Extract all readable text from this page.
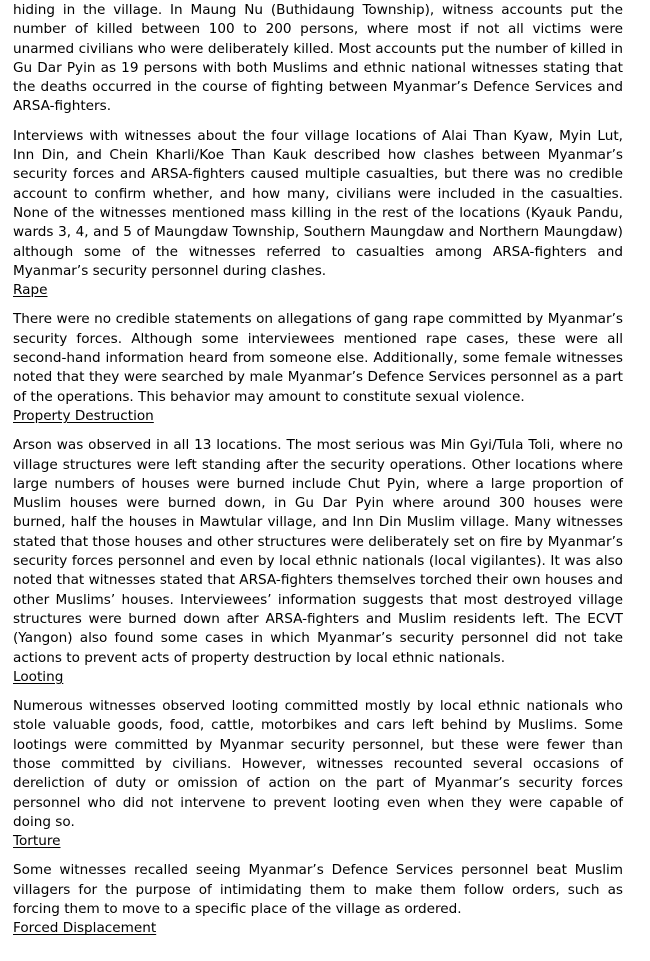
hiding in the village. In Maung Nu (Buthidaung Township), witness accounts put the number of killed between 100 to 200 persons, where most if not all victims were unarmed civilians who were deliberately killed. Most accounts put the number of killed in Gu Dar Pyin as 19 persons with both Muslims and ethnic national witnesses stating that the deaths occurred in the course of fighting between Myanmar’s Defence Services and ARSA-fighters.

Interviews with witnesses about the four village locations of Alai Than Kyaw, Myin Lut, Inn Din, and Chein Kharli/Koe Than Kauk described how clashes between Myanmar’s security forces and ARSA-fighters caused multiple casualties, but there was no credible account to confirm whether, and how many, civilians were included in the casualties. None of the witnesses mentioned mass killing in the rest of the locations (Kyauk Pandu, wards 3, 4, and 5 of Maungdaw Township, Southern Maungdaw and Northern Maungdaw) although some of the witnesses referred to casualties among ARSA-fighters and Myanmar’s security personnel during clashes.

Rape

There were no credible statements on allegations of gang rape committed by Myanmar’s security forces. Although some interviewees mentioned rape cases, these were all second-hand information heard from someone else. Additionally, some female witnesses noted that they were searched by male Myanmar’s Defence Services personnel as a part of the operations. This behavior may amount to constitute sexual violence.

Property Destruction

Arson was observed in all 13 locations. The most serious was Min Gyi/Tula Toli, where no village structures were left standing after the security operations. Other locations where large numbers of houses were burned include Chut Pyin, where a large proportion of Muslim houses were burned down, in Gu Dar Pyin where around 300 houses were burned, half the houses in Mawtular village, and Inn Din Muslim village. Many witnesses stated that those houses and other structures were deliberately set on fire by Myanmar’s security forces personnel and even by local ethnic nationals (local vigilantes). It was also noted that witnesses stated that ARSA-fighters themselves torched their own houses and other Muslims’ houses. Interviewees’ information suggests that most destroyed village structures were burned down after ARSA-fighters and Muslim residents left. The ECVT (Yangon) also found some cases in which Myanmar’s security personnel did not take actions to prevent acts of property destruction by local ethnic nationals.

Looting

Numerous witnesses observed looting committed mostly by local ethnic nationals who stole valuable goods, food, cattle, motorbikes and cars left behind by Muslims. Some lootings were committed by Myanmar security personnel, but these were fewer than those committed by civilians. However, witnesses recounted several occasions of dereliction of duty or omission of action on the part of Myanmar’s security forces personnel who did not intervene to prevent looting even when they were capable of doing so.

Torture

Some witnesses recalled seeing Myanmar’s Defence Services personnel beat Muslim villagers for the purpose of intimidating them to make them follow orders, such as forcing them to move to a specific place of the village as ordered.

Forced Displacement
